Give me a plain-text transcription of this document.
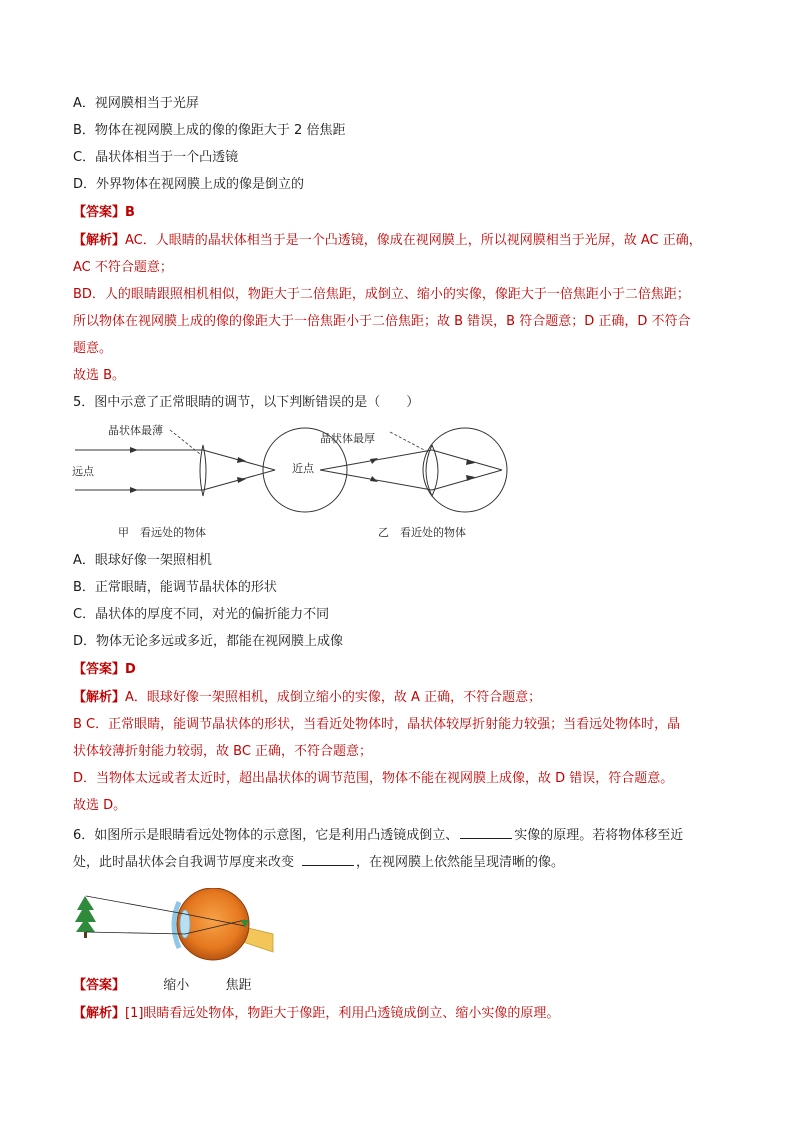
A．视网膜相当于光屏
B．物体在视网膜上成的像的像距大于 2 倍焦距
C．晶状体相当于一个凸透镜
D．外界物体在视网膜上成的像是倒立的
【答案】B
【解析】AC．人眼睛的晶状体相当于是一个凸透镜，像成在视网膜上，所以视网膜相当于光屏，故 AC 正确，
AC 不符合题意；
BD．人的眼睛跟照相机相似，物距大于二倍焦距，成倒立、缩小的实像，像距大于一倍焦距小于二倍焦距；
所以物体在视网膜上成的像的像距大于一倍焦距小于二倍焦距；故 B 错误，B 符合题意；D 正确，D 不符合
题意。
故选 B。
5．图中示意了正常眼睛的调节，以下判断错误的是（　　）
晶状体最薄
远点
甲　看远处的物体
晶状体最厚
近点
乙　看近处的物体
A．眼球好像一架照相机
B．正常眼睛，能调节晶状体的形状
C．晶状体的厚度不同，对光的偏折能力不同
D．物体无论多远或多近，都能在视网膜上成像
【答案】D
【解析】A．眼球好像一架照相机，成倒立缩小的实像，故 A 正确，不符合题意；
B C．正常眼睛，能调节晶状体的形状，当看近处物体时，晶状体较厚折射能力较强；当看远处物体时，晶
状体较薄折射能力较弱，故 BC 正确，不符合题意；
D．当物体太远或者太近时，超出晶状体的调节范围，物体不能在视网膜上成像，故 D 错误，符合题意。
故选 D。
6．如图所示是眼睛看远处物体的示意图，它是利用凸透镜成倒立、	实像的原理。若将物体移至近
处，此时晶状体会自我调节厚度来改变	，在视网膜上依然能呈现清晰的像。
【答案】	缩小	焦距
【解析】[1]眼睛看远处物体，物距大于像距，利用凸透镜成倒立、缩小实像的原理。
